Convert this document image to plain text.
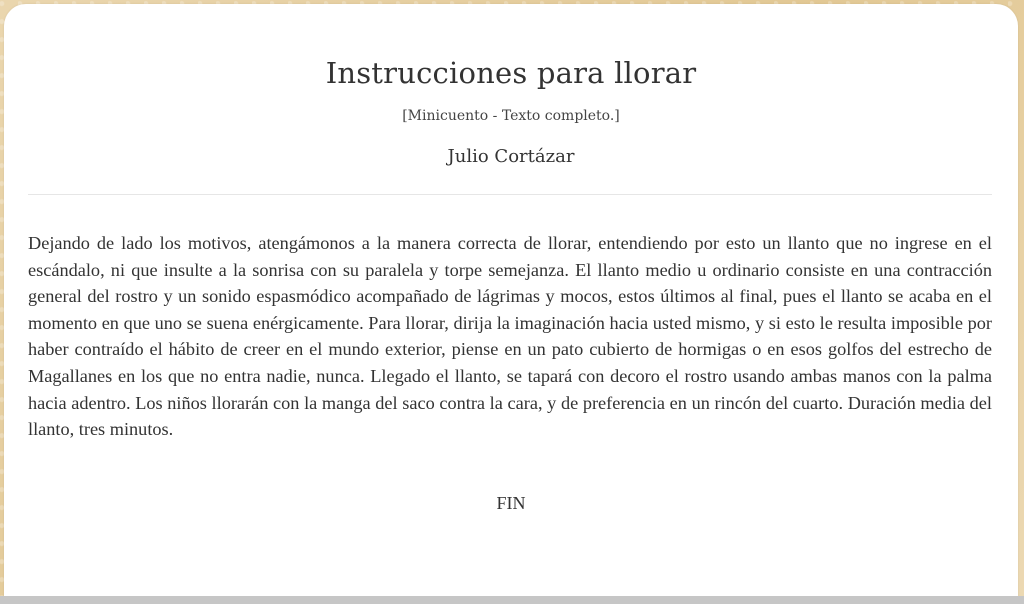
Instrucciones para llorar
[Minicuento - Texto completo.]
Julio Cortázar

Dejando de lado los motivos, atengámonos a la manera correcta de llorar, entendiendo por esto un llanto que no ingrese en el escándalo, ni que insulte a la sonrisa con su paralela y torpe semejanza. El llanto medio u ordinario consiste en una contracción general del rostro y un sonido espasmódico acompañado de lágrimas y mocos, estos últimos al final, pues el llanto se acaba en el momento en que uno se suena enérgicamente. Para llorar, dirija la imaginación hacia usted mismo, y si esto le resulta imposible por haber contraído el hábito de creer en el mundo exterior, piense en un pato cubierto de hormigas o en esos golfos del estrecho de Magallanes en los que no entra nadie, nunca. Llegado el llanto, se tapará con decoro el rostro usando ambas manos con la palma hacia adentro. Los niños llorarán con la manga del saco contra la cara, y de preferencia en un rincón del cuarto. Duración media del llanto, tres minutos.

FIN
